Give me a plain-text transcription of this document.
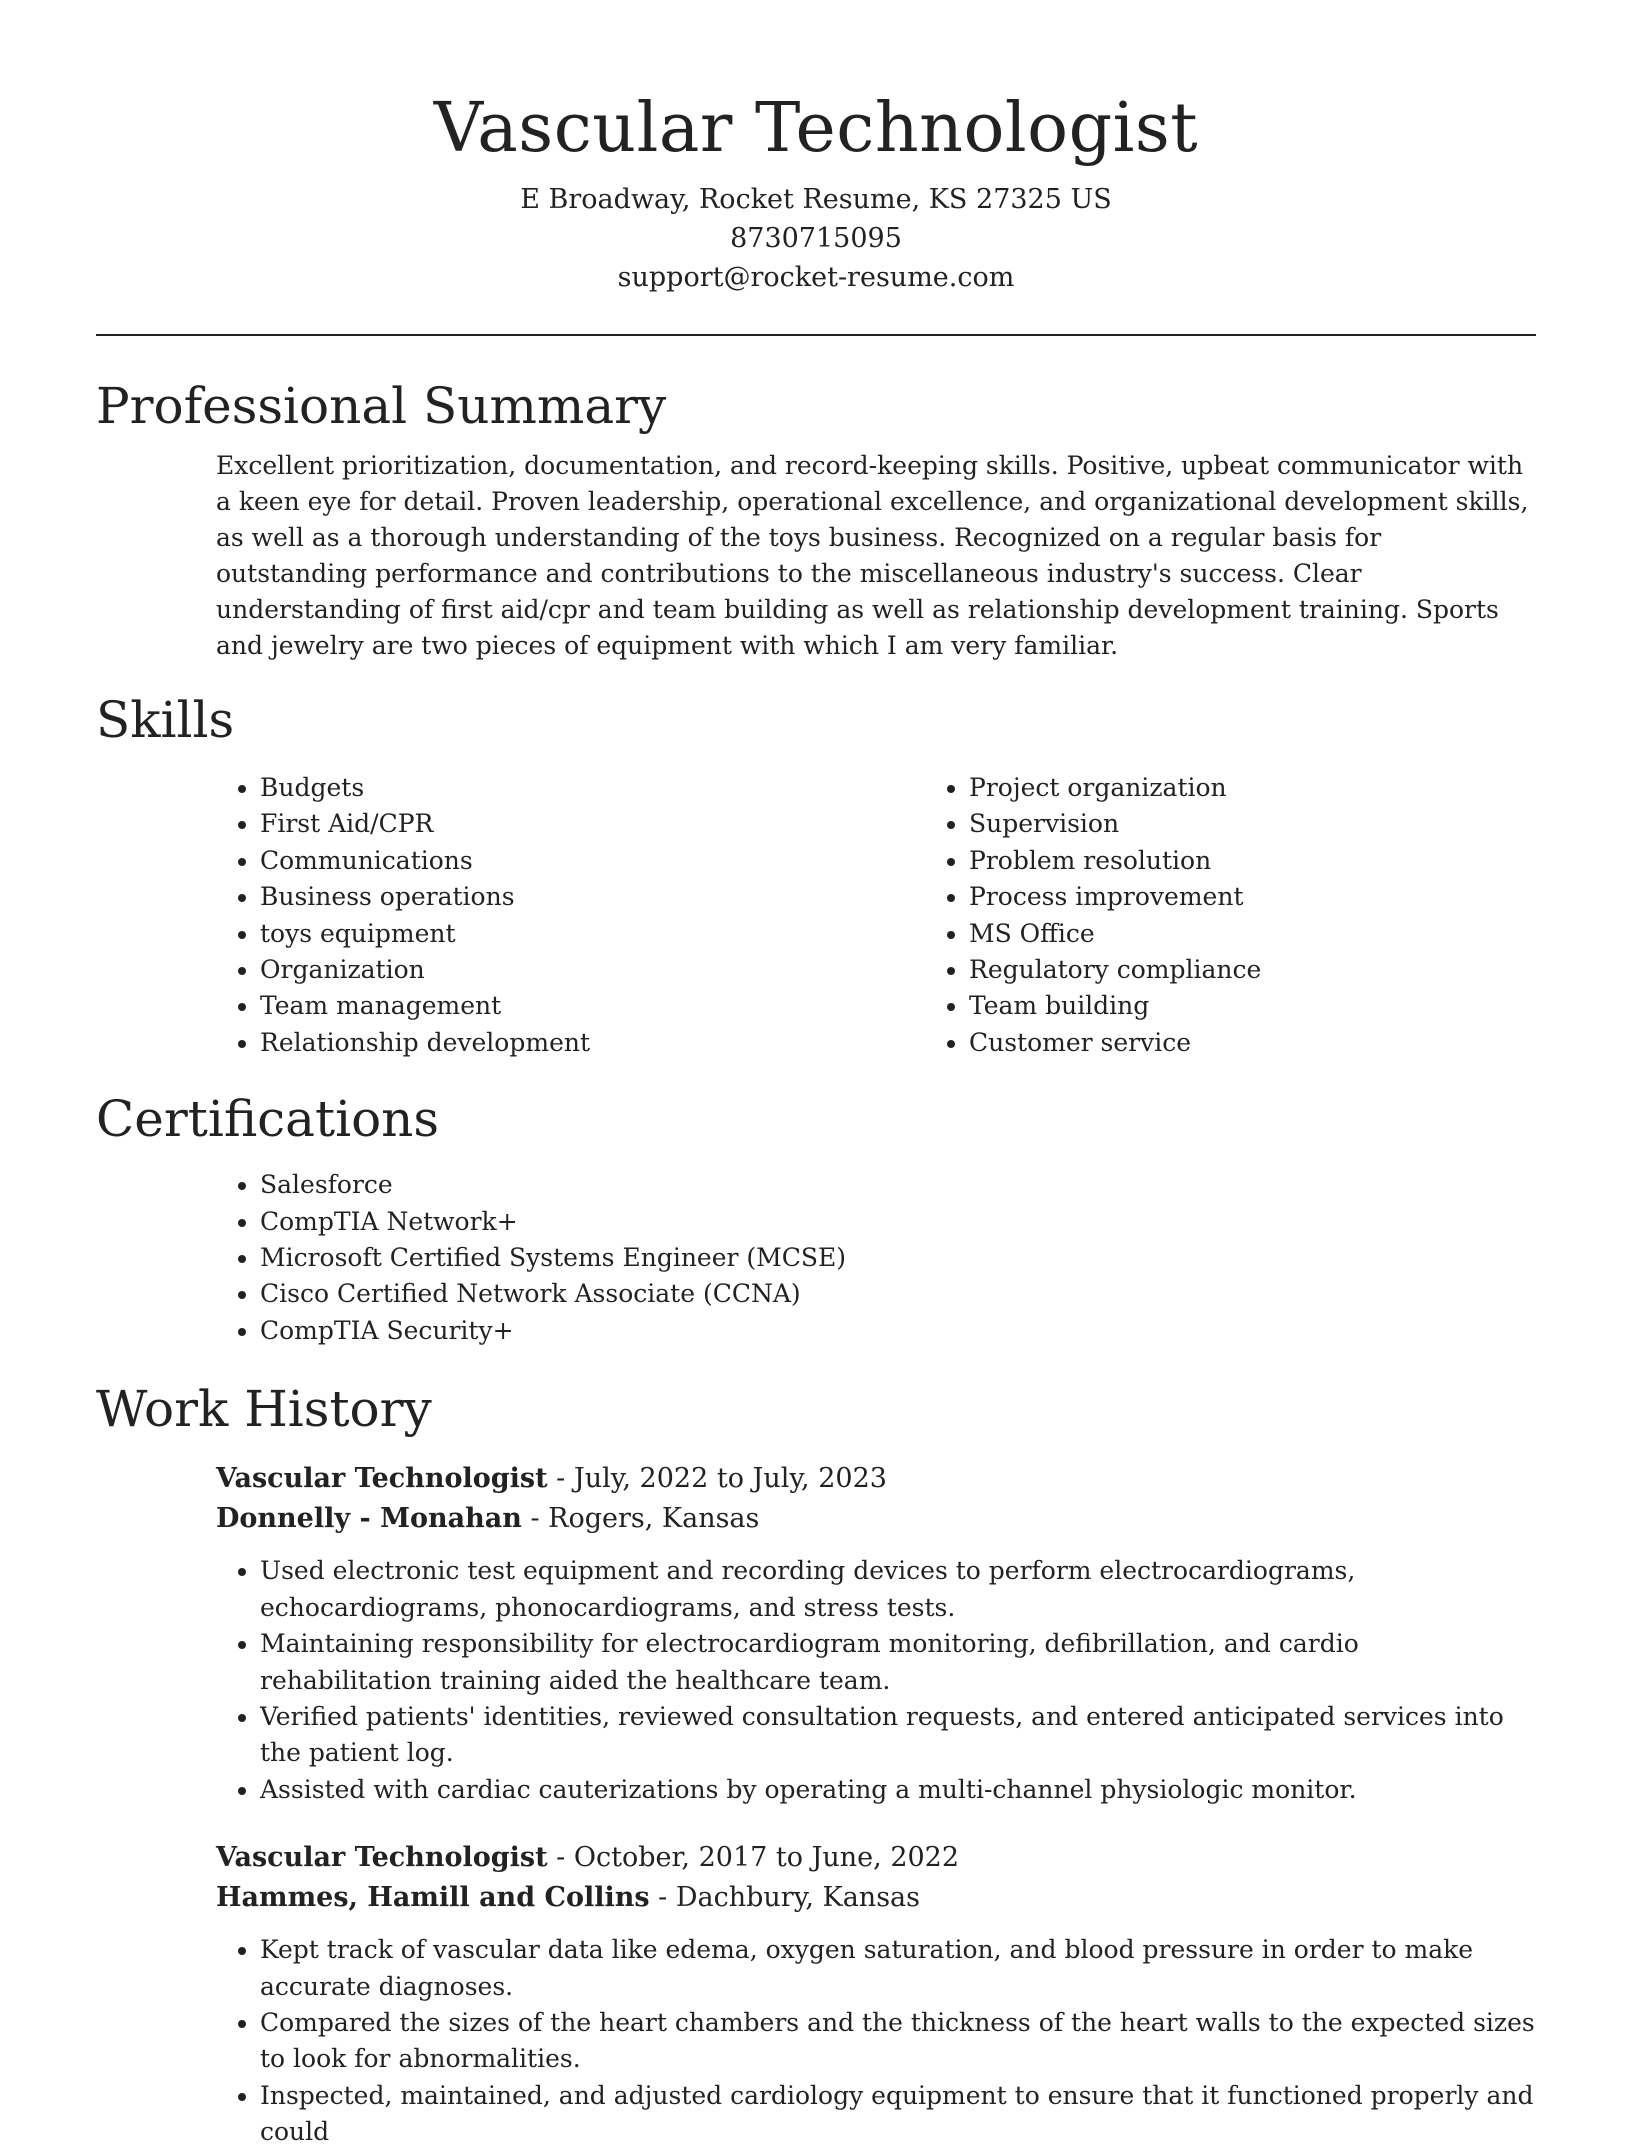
Vascular Technologist

E Broadway, Rocket Resume, KS 27325 US

8730715095

support@rocket-resume.com

Professional Summary

Excellent prioritization, documentation, and record-keeping skills. Positive, upbeat communicator with a keen eye for detail. Proven leadership, operational excellence, and organizational development skills, as well as a thorough understanding of the toys business. Recognized on a regular basis for outstanding performance and contributions to the miscellaneous industry's success. Clear understanding of first aid/cpr and team building as well as relationship development training. Sports and jewelry are two pieces of equipment with which I am very familiar.

Skills
• Budgets
• First Aid/CPR
• Communications
• Business operations
• toys equipment
• Organization
• Team management
• Relationship development
• Project organization
• Supervision
• Problem resolution
• Process improvement
• MS Office
• Regulatory compliance
• Team building
• Customer service
Certifications
• Salesforce
• CompTIA Network+
• Microsoft Certified Systems Engineer (MCSE)
• Cisco Certified Network Associate (CCNA)
• CompTIA Security+
Work History

Vascular Technologist - July, 2022 to July, 2023

Donnelly - Monahan - Rogers, Kansas

• Used electronic test equipment and recording devices to perform electrocardiograms, echocardiograms, phonocardiograms, and stress tests.
• Maintaining responsibility for electrocardiogram monitoring, defibrillation, and cardio rehabilitation training aided the healthcare team.
• Verified patients' identities, reviewed consultation requests, and entered anticipated services into the patient log.
• Assisted with cardiac cauterizations by operating a multi-channel physiologic monitor.

Vascular Technologist - October, 2017 to June, 2022

Hammes, Hamill and Collins - Dachbury, Kansas

• Kept track of vascular data like edema, oxygen saturation, and blood pressure in order to make accurate diagnoses.
• Compared the sizes of the heart chambers and the thickness of the heart walls to the expected sizes to look for abnormalities.
• Inspected, maintained, and adjusted cardiology equipment to ensure that it functioned properly and could
